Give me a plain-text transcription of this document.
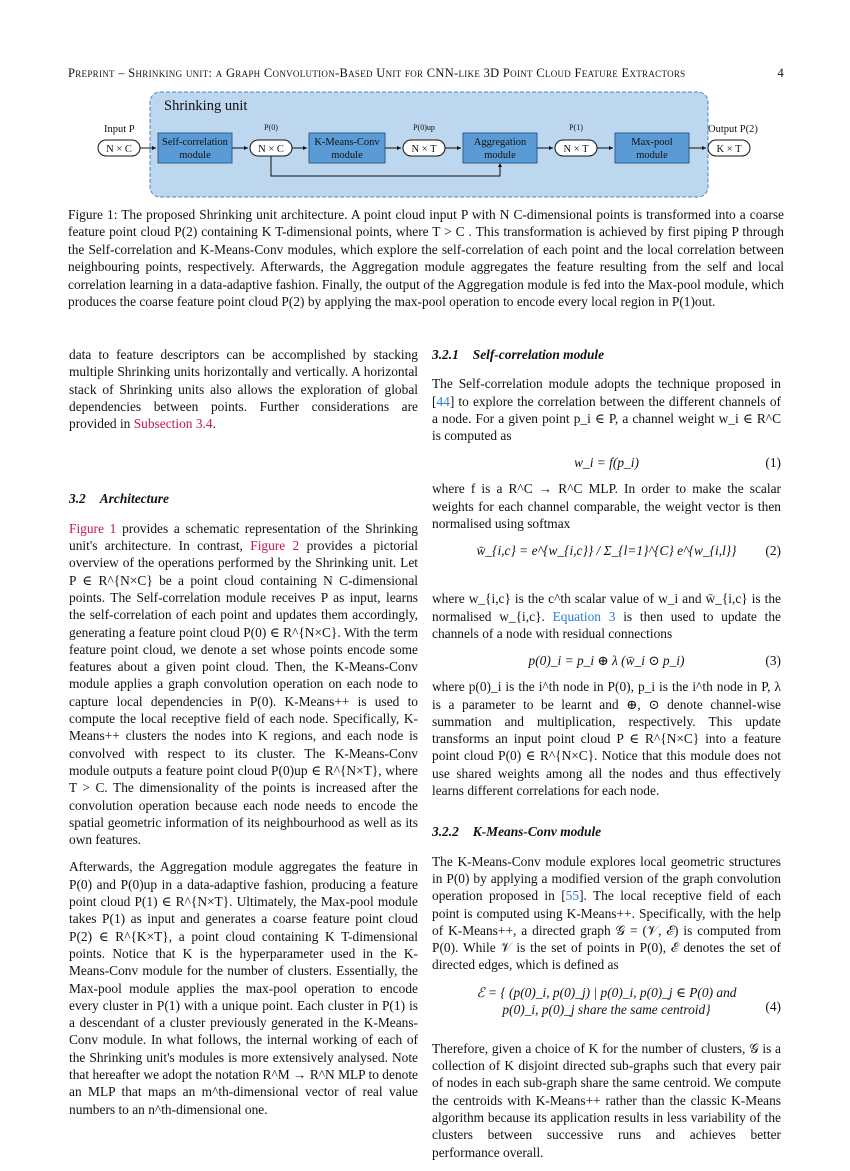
Preprint – Shrinking unit: a Graph Convolution-Based Unit for CNN-like 3D Point Cloud Feature Extractors	4
Shrinking unit
Input P
N × C
Self-correlation
module
P(0)
N × C
K-Means-Conv
module
P(0)up
N × T
Aggregation
module
P(1)
N × T
Max-pool
module
Output P(2)
K × T
Figure 1: The proposed Shrinking unit architecture. A point cloud input P with N C-dimensional points is transformed into a coarse feature point cloud P(2) containing K T-dimensional points, where T > C . This transformation is achieved by first piping P through the Self-correlation and K-Means-Conv modules, which explore the self-correlation of each point and the local correlation between neighbouring points, respectively. Afterwards, the Aggregation module aggregates the feature resulting from the self and local correlation learning in a data-adaptive fashion. Finally, the output of the Aggregation module is fed into the Max-pool module, which produces the coarse feature point cloud P(2) by applying the max-pool operation to encode every local region in P(1)out.

data to feature descriptors can be accomplished by stacking multiple Shrinking units horizontally and vertically. A horizontal stack of Shrinking units also allows the exploration of global dependencies between points. Further considerations are provided in Subsection 3.4.

3.2 Architecture

Figure 1 provides a schematic representation of the Shrinking unit's architecture. In contrast, Figure 2 provides a pictorial overview of the operations performed by the Shrinking unit. Let P ∈ R^{N×C} be a point cloud containing N C-dimensional points. The Self-correlation module receives P as input, learns the self-correlation of each point and updates them accordingly, generating a feature point cloud P(0) ∈ R^{N×C}. With the term feature point cloud, we denote a set whose points encode some features about a given point cloud. Then, the K-Means-Conv module applies a graph convolution operation on each node to capture local dependencies in P(0). K-Means++ is used to compute the local receptive field of each node. Specifically, K-Means++ clusters the nodes into K regions, and each node is convolved with respect to its cluster. The K-Means-Conv module outputs a feature point cloud P(0)up ∈ R^{N×T}, where T > C. The dimensionality of the points is increased after the convolution operation because each node needs to encode the spatial geometric information of its neighbourhood as well as its own features.

Afterwards, the Aggregation module aggregates the feature in P(0) and P(0)up in a data-adaptive fashion, producing a feature point cloud P(1) ∈ R^{N×T}. Ultimately, the Max-pool module takes P(1) as input and generates a coarse feature point cloud P(2) ∈ R^{K×T}, a point cloud containing K T-dimensional points. Notice that K is the hyperparameter used in the K-Means-Conv module for the number of clusters. Essentially, the Max-pool module applies the max-pool operation to encode every cluster in P(1) with a unique point. Each cluster in P(1) is a descendant of a cluster previously generated in the K-Means-Conv module. In what follows, the internal working of each of the Shrinking unit's modules is more extensively analysed. Note that hereafter we adopt the notation R^M → R^N MLP to denote an MLP that maps an m^th-dimensional vector of real value numbers to an n^th-dimensional one.

3.2.1 Self-correlation module

The Self-correlation module adopts the technique proposed in [44] to explore the correlation between the different channels of a node. For a given point p_i ∈ P, a channel weight w_i ∈ R^C is computed as

w_i = f(p_i)	(1)

where f is a R^C → R^C MLP. In order to make the scalar weights for each channel comparable, the weight vector is then normalised using softmax

w̄_{i,c} = e^{w_{i,c}} / Σ_{l=1}^{C} e^{w_{i,l}} (2)

where w_{i,c} is the c^th scalar value of w_i and w̄_{i,c} is the normalised w_{i,c}. Equation 3 is then used to update the channels of a node with residual connections

p(0)_i = p_i ⊕ λ (w̄_i ⊙ p_i)	(3)

where p(0)_i is the i^th node in P(0), p_i is the i^th node in P, λ is a parameter to be learnt and ⊕, ⊙ denote channel-wise summation and multiplication, respectively. This update transforms an input point cloud P ∈ R^{N×C} into a feature point cloud P(0) ∈ R^{N×C}. Notice that this module does not use shared weights among all the nodes and thus effectively learns different correlations for each node.

3.2.2 K-Means-Conv module

The K-Means-Conv module explores local geometric structures in P(0) by applying a modified version of the graph convolution operation proposed in [55]. The local receptive field of each point is computed using K-Means++. Specifically, with the help of K-Means++, a directed graph 𝒢 = (𝒱, ℰ) is computed from P(0). While 𝒱 is the set of points in P(0), ℰ denotes the set of directed edges, which is defined as

ℰ = { (p(0)_i, p(0)_j) | p(0)_i, p(0)_j ∈ P(0) and
p(0)_i, p(0)_j share the same centroid}	(4)

Therefore, given a choice of K for the number of clusters, 𝒢 is a collection of K disjoint directed sub-graphs such that every pair of nodes in each sub-graph share the same centroid. We compute the centroids with K-Means++ rather than the classic K-Means algorithm because its application results in less variability of the clusters between successive runs and achieves better performance overall.
